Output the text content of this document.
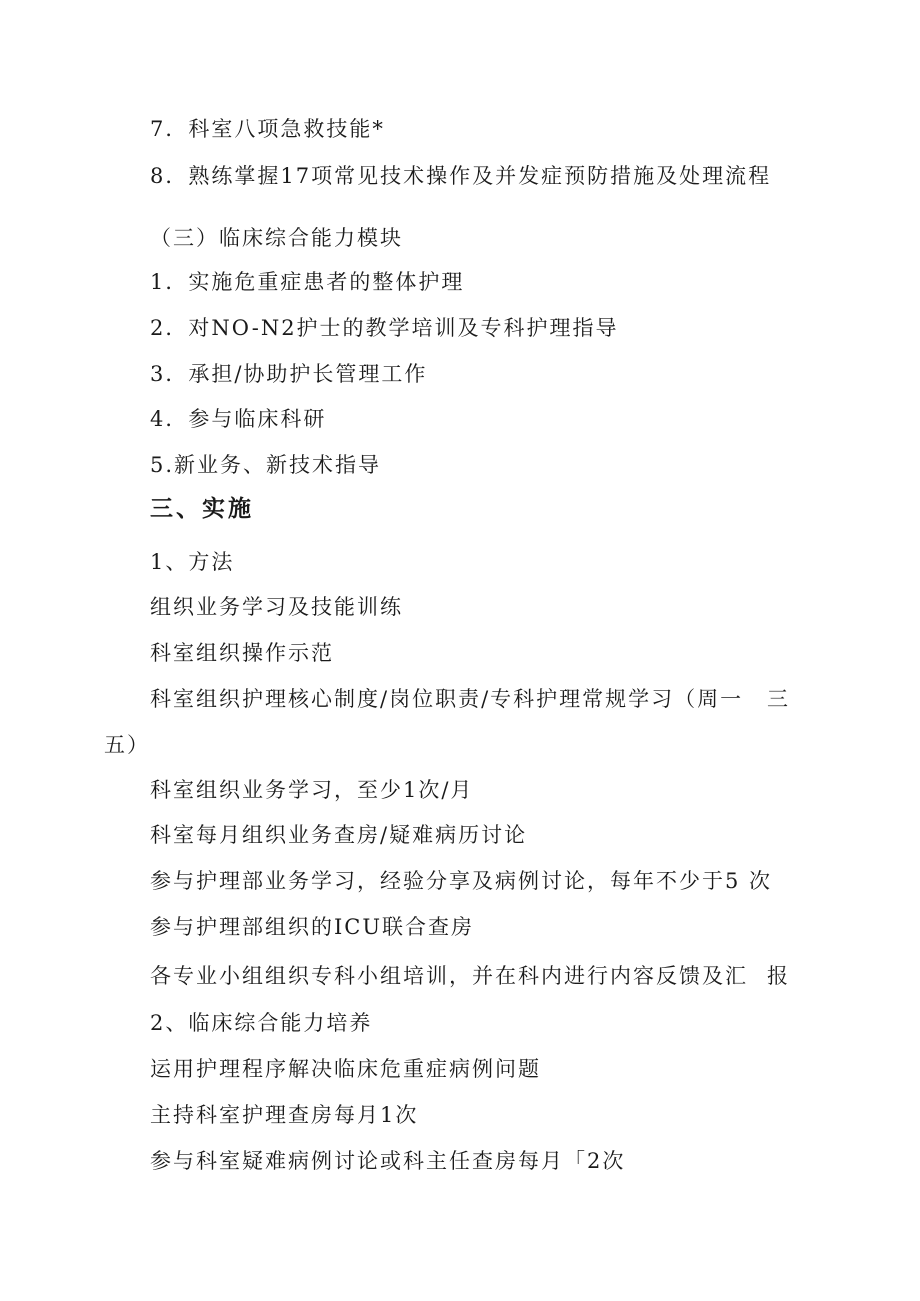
7．科室八项急救技能*
8．熟练掌握17项常见技术操作及并发症预防措施及处理流程
（三）临床综合能力模块
1．实施危重症患者的整体护理
2．对NO-N2护士的教学培训及专科护理指导
3．承担/协助护长管理工作
4．参与临床科研
5.新业务、新技术指导
三、实施
1、方法
组织业务学习及技能训练
科室组织操作示范
科室组织护理核心制度/岗位职责/专科护理常规学习（周一 三
五）
科室组织业务学习，至少1次/月
科室每月组织业务查房/疑难病历讨论
参与护理部业务学习，经验分享及病例讨论，每年不少于5 次
参与护理部组织的ICU联合查房
各专业小组组织专科小组培训，并在科内进行内容反馈及汇 报
2、临床综合能力培养
运用护理程序解决临床危重症病例问题
主持科室护理查房每月1次
参与科室疑难病例讨论或科主任查房每月「2次
